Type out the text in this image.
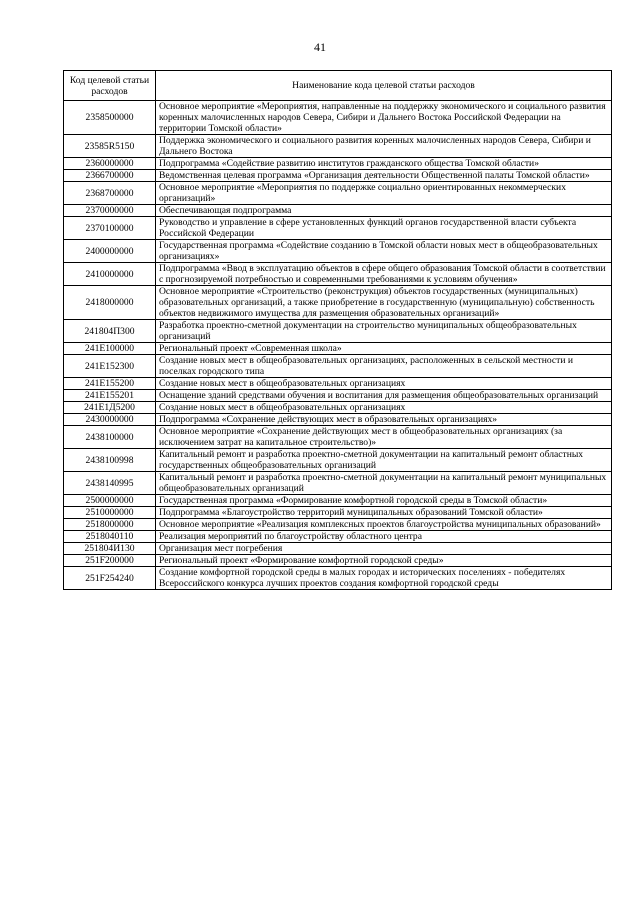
41
Код целевой статьи расходов	Наименование кода целевой статьи расходов
2358500000	Основное мероприятие «Мероприятия, направленные на поддержку экономического и социального развития коренных малочисленных народов Севера, Сибири и Дальнего Востока Российской Федерации на территории Томской области»
23585R5150	Поддержка экономического и социального развития коренных малочисленных народов Севера, Сибири и Дальнего Востока
2360000000	Подпрограмма «Содействие развитию институтов гражданского общества Томской области»
2366700000	Ведомственная целевая программа «Организация деятельности Общественной палаты Томской области»
2368700000	Основное мероприятие «Мероприятия по поддержке социально ориентированных некоммерческих организаций»
2370000000	Обеспечивающая подпрограмма
2370100000	Руководство и управление в сфере установленных функций органов государственной власти субъекта Российской Федерации
2400000000	Государственная программа «Содействие созданию в Томской области новых мест в общеобразовательных организациях»
2410000000	Подпрограмма «Ввод в эксплуатацию объектов в сфере общего образования Томской области в соответствии с прогнозируемой потребностью и современными требованиями к условиям обучения»
2418000000	Основное мероприятие «Строительство (реконструкция) объектов государственных (муниципальных) образовательных организаций, а также приобретение в государственную (муниципальную) собственность объектов недвижимого имущества для размещения образовательных организаций»
241804П300	Разработка проектно-сметной документации на строительство муниципальных общеобразовательных организаций
241E100000	Региональный проект «Современная школа»
241E152300	Создание новых мест в общеобразовательных организациях, расположенных в сельской местности и поселках городского типа
241E155200	Создание новых мест в общеобразовательных организациях
241E155201	Оснащение зданий средствами обучения и воспитания для размещения общеобразовательных организаций
241E1Д5200	Создание новых мест в общеобразовательных организациях
2430000000	Подпрограмма «Сохранение действующих мест в образовательных организациях»
2438100000	Основное мероприятие «Сохранение действующих мест в общеобразовательных организациях (за исключением затрат на капитальное строительство)»
2438100998	Капитальный ремонт и разработка проектно-сметной документации на капитальный ремонт областных государственных общеобразовательных организаций
2438140995	Капитальный ремонт и разработка проектно-сметной документации на капитальный ремонт муниципальных общеобразовательных организаций
2500000000	Государственная программа «Формирование комфортной городской среды в Томской области»
2510000000	Подпрограмма «Благоустройство территорий муниципальных образований Томской области»
2518000000	Основное мероприятие «Реализация комплексных проектов благоустройства муниципальных образований»
2518040110	Реализация мероприятий по благоустройству областного центра
251804И130	Организация мест погребения
251F200000	Региональный проект «Формирование комфортной городской среды»
251F254240	Создание комфортной городской среды в малых городах и исторических поселениях - победителях Всероссийского конкурса лучших проектов создания комфортной городской среды
